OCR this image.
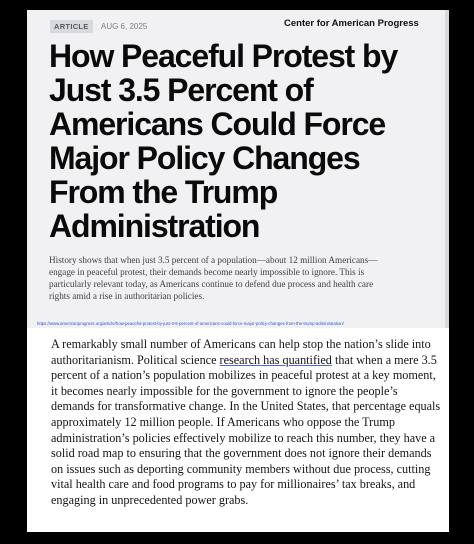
ARTICLE	AUG 6, 2025	Center for American Progress
How Peaceful Protest by
Just 3.5 Percent of
Americans Could Force
Major Policy Changes
From the Trump
Administration

History shows that when just 3.5 percent of a population—about 12 million Americans—
engage in peaceful protest, their demands become nearly impossible to ignore. This is
particularly relevant today, as Americans continue to defend due process and health care
rights amid a rise in authoritarian policies.

https://www.americanprogress.org/article/how-peaceful-protest-by-just-3-5-percent-of-americans-could-force-major-policy-changes-from-the-trump-administration/

A remarkably small number of Americans can help stop the nation’s slide into
authoritarianism. Political science research has quantified that when a mere 3.5
percent of a nation’s population mobilizes in peaceful protest at a key moment,
it becomes nearly impossible for the government to ignore the people’s
demands for transformative change. In the United States, that percentage equals
approximately 12 million people. If Americans who oppose the Trump
administration’s policies effectively mobilize to reach this number, they have a
solid road map to ensuring that the government does not ignore their demands
on issues such as deporting community members without due process, cutting
vital health care and food programs to pay for millionaires’ tax breaks, and
engaging in unprecedented power grabs.
